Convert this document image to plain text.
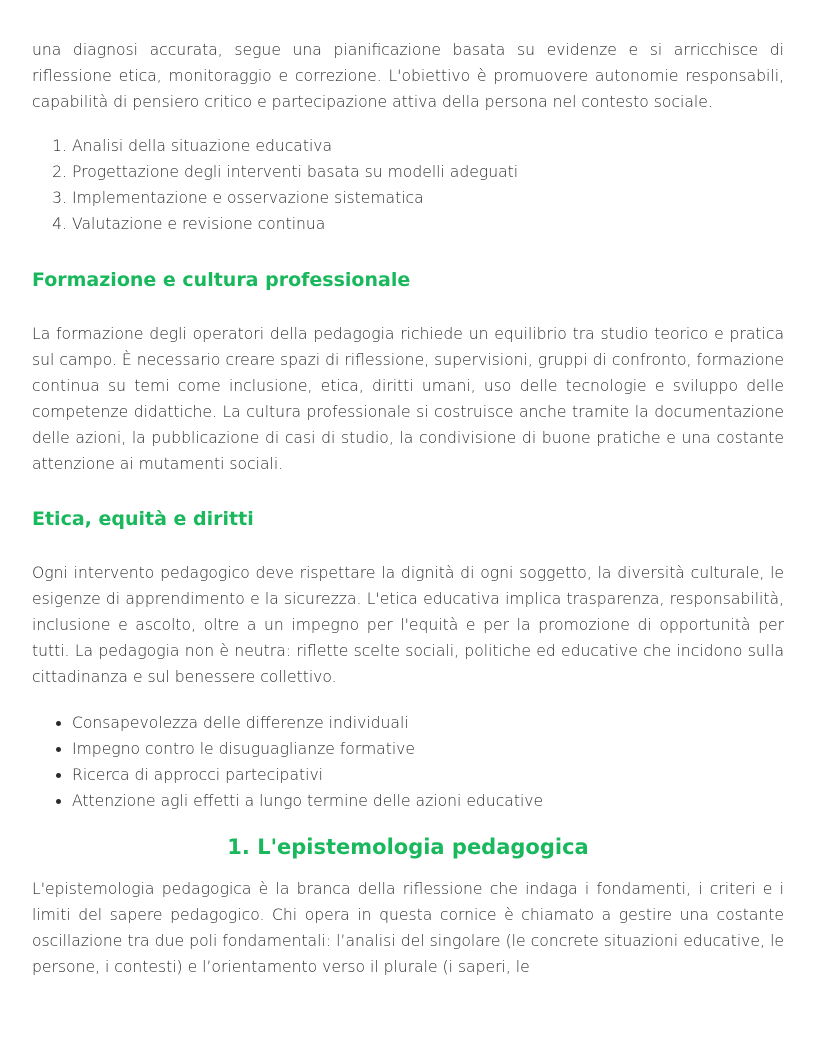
una diagnosi accurata, segue una pianificazione basata su evidenze e si arricchisce di riflessione etica, monitoraggio e correzione. L'obiettivo è promuovere autonomie responsabili, capabilità di pensiero critico e partecipazione attiva della persona nel contesto sociale.

1. Analisi della situazione educativa
2. Progettazione degli interventi basata su modelli adeguati
3. Implementazione e osservazione sistematica
4. Valutazione e revisione continua
Formazione e cultura professionale

La formazione degli operatori della pedagogia richiede un equilibrio tra studio teorico e pratica sul campo. È necessario creare spazi di riflessione, supervisioni, gruppi di confronto, formazione continua su temi come inclusione, etica, diritti umani, uso delle tecnologie e sviluppo delle competenze didattiche. La cultura professionale si costruisce anche tramite la documentazione delle azioni, la pubblicazione di casi di studio, la condivisione di buone pratiche e una costante attenzione ai mutamenti sociali.

Etica, equità e diritti

Ogni intervento pedagogico deve rispettare la dignità di ogni soggetto, la diversità culturale, le esigenze di apprendimento e la sicurezza. L'etica educativa implica trasparenza, responsabilità, inclusione e ascolto, oltre a un impegno per l'equità e per la promozione di opportunità per tutti. La pedagogia non è neutra: riflette scelte sociali, politiche ed educative che incidono sulla cittadinanza e sul benessere collettivo.

• Consapevolezza delle differenze individuali
• Impegno contro le disuguaglianze formative
• Ricerca di approcci partecipativi
• Attenzione agli effetti a lungo termine delle azioni educative
1. L'epistemologia pedagogica

L'epistemologia pedagogica è la branca della riflessione che indaga i fondamenti, i criteri e i limiti del sapere pedagogico. Chi opera in questa cornice è chiamato a gestire una costante oscillazione tra due poli fondamentali: l’analisi del singolare (le concrete situazioni educative, le persone, i contesti) e l’orientamento verso il plurale (i saperi, le
